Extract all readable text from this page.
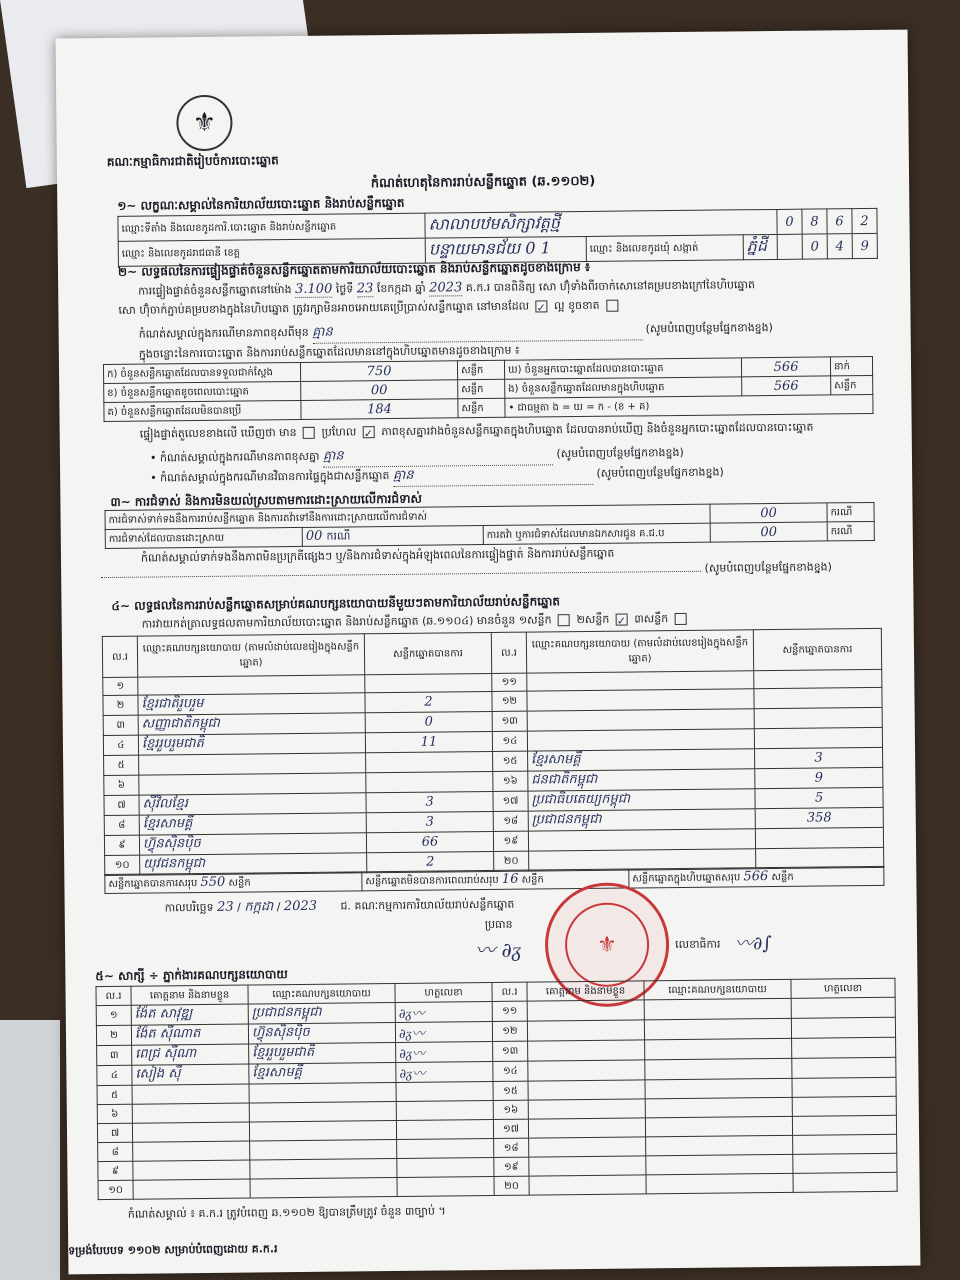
⚜
គណៈកម្មាធិការជាតិរៀបចំការបោះឆ្នោត
កំណត់ហេតុនៃការរាប់សន្លឹកឆ្នោត (ឆ.១១០២)
១~ លក្ខណៈសម្គាល់នៃការិយាល័យបោះឆ្នោត និងរាប់សន្លឹកឆ្នោត
ឈ្មោះទីតាំង និងលេខកូដការិ.បោះឆ្នោត និងរាប់សន្លឹកឆ្នោត	សាលាបឋមសិក្សាវត្តថ្មី			0	8	6	2
ឈ្មោះ និងលេខកូដរាជធានី ខេត្ត	បន្ទាយមានជ័យ 0 1	ឈ្មោះ និងលេខកូដឃុំ សង្កាត់	ភ្នំដី		0	4	9
២~ លទ្ធផលនៃការផ្ទៀងផ្ទាត់ចំនួនសន្លឹកឆ្នោតតាមការិយាល័យបោះឆ្នោត និងរាប់សន្លឹកឆ្នោតដូចខាងក្រោម ៖
ការផ្ទៀងផ្ទាត់ចំនួនសន្លឹកឆ្នោតនៅម៉ោង 3.100 ថ្ងៃទី 23 ខែកក្កដា ឆ្នាំ 2023 គ.ក.រ បានពិនិត្យ សោ ហ៊ុំទាំងពីរចាក់សោនៅគម្របខាងក្រៅនៃហិបឆ្នោត
សោ ហ៊ុំចាក់ភ្ជាប់គម្របខាងក្នុងនៃហិបឆ្នោត ត្រូវរក្សាមិនអាចអោយគេប្រើប្រាស់សន្លឹកឆ្នោត នៅមានដែល ✓ ល្អ ខូចខាត
កំណត់សម្គាល់ក្នុងករណីមានភាពខុសពីមុន គ្មាន	(សូមបំពេញបន្ថែមផ្នែកខាងខ្នង)
ក្នុងចន្លោះនៃការបោះឆ្នោត និងការរាប់សន្លឹកឆ្នោតដែលមាននៅក្នុងហិបឆ្នោតមានដូចខាងក្រោម ៖
ក) ចំនួនសន្លឹកឆ្នោតដែលបានទទួលជាក់ស្តែង	750	សន្លឹក	ឃ) ចំនួនអ្នកបោះឆ្នោតដែលបានបោះឆ្នោត	566	នាក់
ខ) ចំនួនសន្លឹកឆ្នោតខូចពេលបោះឆ្នោត	00	សន្លឹក	ង) ចំនួនសន្លឹកឆ្នោតដែលមានក្នុងហិបឆ្នោត	566	សន្លឹក
គ) ចំនួនសន្លឹកឆ្នោតដែលមិនបានប្រើ	184	សន្លឹក	• ជាធម្មតា ង = ឃ = ក - (ខ + គ)		
ផ្ទៀងផ្ទាត់តួលេខខាងលើ ឃើញថា មាន ប្រហែល ✓ ភាពខុសគ្នារវាងចំនួនសន្លឹកឆ្នោតក្នុងហិបឆ្នោត ដែលបានរាប់ឃើញ និងចំនួនអ្នកបោះឆ្នោតដែលបានបោះឆ្នោត
• កំណត់សម្គាល់ក្នុងករណីមានភាពខុសគ្នា គ្មាន	(សូមបំពេញបន្ថែមផ្នែកខាងខ្នង)
• កំណត់សម្គាល់ក្នុងករណីមានវិធានការផ្ទៃក្នុងជាសន្លឹកឆ្នោត គ្មាន	(សូមបំពេញបន្ថែមផ្នែកខាងខ្នង)
៣~ ការជំទាស់ និងការមិនយល់ស្របតាមការដោះស្រាយលើការជំទាស់
ការជំទាស់ទាក់ទងនឹងការរាប់សន្លឹកឆ្នោត និងការតវ៉ាទៅនឹងការដោះស្រាយលើការជំទាស់			00	ករណី
ការជំទាស់ដែលបានដោះស្រាយ	00 ករណី	ការតវ៉ា ឬការជំទាស់ដែលមានឯកសារជូន គ.ជ.ប	00	ករណី
កំណត់សម្គាល់ទាក់ទងនឹងភាពមិនប្រក្រតីផ្សេងៗ ឬ/និងការជំទាស់ក្នុងអំឡុងពេលនៃការផ្ទៀងផ្ទាត់ និងការរាប់សន្លឹកឆ្នោត
(សូមបំពេញបន្ថែមផ្នែកខាងខ្នង)
៤~ លទ្ធផលនៃការរាប់សន្លឹកឆ្នោតសម្រាប់គណបក្សនយោបាយនីមួយៗតាមការិយាល័យរាប់សន្លឹកឆ្នោត
ការវាយកត់ត្រាលទ្ធផលតាមការិយាល័យបោះឆ្នោត និងរាប់សន្លឹកឆ្នោត (ឆ.១១០៤) មានចំនួន ១សន្លឹក ២សន្លឹក ✓ ៣សន្លឹក
ល.រ	ឈ្មោះគណបក្សនយោបាយ (តាមលំដាប់លេខរៀងក្នុងសន្លឹកឆ្នោត)	សន្លឹកឆ្នោតបានការ	ល.រ	ឈ្មោះគណបក្សនយោបាយ (តាមលំដាប់លេខរៀងក្នុងសន្លឹកឆ្នោត)	សន្លឹកឆ្នោតបានការ
១			១១		
២	ខ្មែរជាតិរួបរួម	2	១២		
៣	សញ្ញាជាតិកម្ពុជា	0	១៣		
៤	ខ្មែររួបរួមជាតិ	11	១៤		
៥			១៥	ខ្មែរសាមគ្គី	3
៦			១៦	ជនជាតិកម្ពុជា	9
៧	ស៊ីវិលខ្មែរ	3	១៧	ប្រជាធិបតេយ្យកម្ពុជា	5
៨	ខ្មែរសាមគ្គី	3	១៨	ប្រជាជនកម្ពុជា	358
៩	ហ៊្វុនស៊ិនប៉ិច	66	១៩		
១០	យុវជនកម្ពុជា	2	២០		
សន្លឹកឆ្នោតបានការសរុប 550 សន្លឹក	សន្លឹកឆ្នោតមិនបានការពេលរាប់សរុប 16 សន្លឹក	សន្លឹកឆ្នោតក្នុងហិបឆ្នោតសរុប 566 សន្លឹក
កាលបរិច្ឆេទ 23 / កក្កដា / 2023 ជ. គណៈកម្មការការិយាល័យរាប់សន្លឹកឆ្នោត
ប្រធាន
〰 ∂ᵹ	⚜	លេខាធិការ 〰∂∫
៥~ សាក្សី ÷ ភ្នាក់ងារគណបក្សនយោបាយ
ល.រ	គោត្តនាម និងនាមខ្លួន	ឈ្មោះគណបក្សនយោបាយ	ហត្ថលេខា	ល.រ	គោត្តនាម និងនាមខ្លួន	ឈ្មោះគណបក្សនយោបាយ	ហត្ថលេខា
១	ង៉ែត សាវុឌ្ឍ	ប្រជាជនកម្ពុជា	∂ᵹ〰	១១			
២	ង៉ែត ស៊ីណាត	ហ៊្វុនស៊ិនប៉ិច	∂ᵹ〰	១២			
៣	ពេជ្រ ស៊ីណា	ខ្មែររួបរួមជាតិ	∂ᵹ〰	១៣			
៤	សៀង ស៊ី	ខ្មែរសាមគ្គី	∂ᵹ〰	១៤			
៥				១៥			
៦				១៦			
៧				១៧			
៨				១៨			
៩				១៩			
១០				២០			
កំណត់សម្គាល់ ៖ គ.ក.រ ត្រូវបំពេញ ឆ.១១០២ ឱ្យបានត្រឹមត្រូវ ចំនួន ៣ច្បាប់ ។
ទម្រង់បែបបទ ១១០២ សម្រាប់បំពេញដោយ គ.ក.រ
